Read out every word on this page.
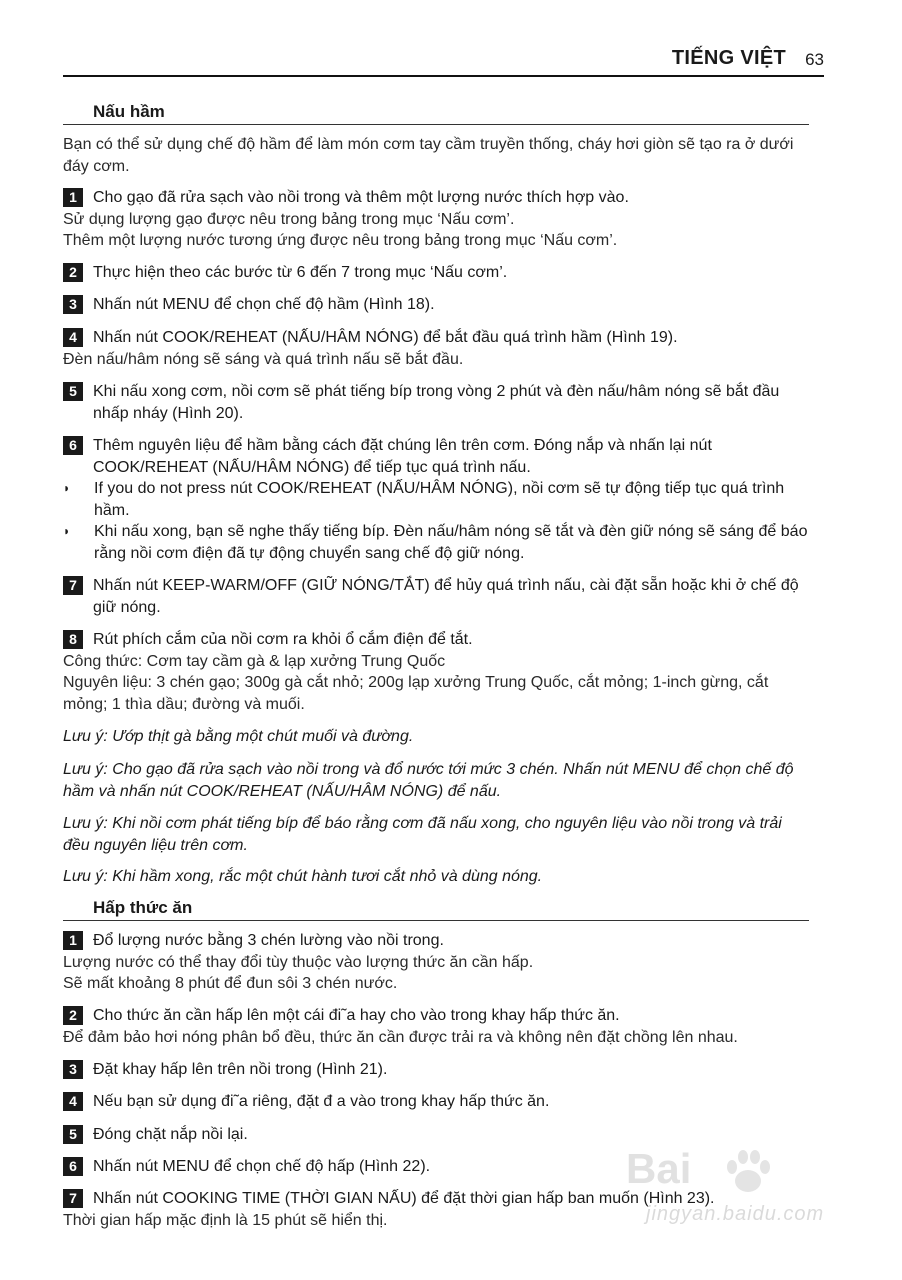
TIẾNG VIỆT 63
Nấu hầm

Bạn có thể sử dụng chế độ hầm để làm món cơm tay cầm truyền thống, cháy hơi giòn sẽ tạo ra ở dưới đáy cơm.

1	Cho gạo đã rửa sạch vào nồi trong và thêm một lượng nước thích hợp vào.

Sử dụng lượng gạo được nêu trong bảng trong mục ‘Nấu cơm’.

Thêm một lượng nước tương ứng được nêu trong bảng trong mục ‘Nấu cơm’.

2	Thực hiện theo các bước từ 6 đến 7 trong mục ‘Nấu cơm’.
3	Nhấn nút MENU để chọn chế độ hầm (Hình 18).
4	Nhấn nút COOK/REHEAT (NẤU/HÂM NÓNG) để bắt đầu quá trình hầm (Hình 19).

Đèn nấu/hâm nóng sẽ sáng và quá trình nấu sẽ bắt đầu.

5	Khi nấu xong cơm, nồi cơm sẽ phát tiếng bíp trong vòng 2 phút và đèn nấu/hâm nóng sẽ bắt đầu nhấp nháy (Hình 20).
6	Thêm nguyên liệu để hầm bằng cách đặt chúng lên trên cơm. Đóng nắp và nhấn lại nút COOK/REHEAT (NẤU/HÂM NÓNG) để tiếp tục quá trình nấu.
◗	If you do not press nút COOK/REHEAT (NẤU/HÂM NÓNG), nồi cơm sẽ tự động tiếp tục quá trình hầm.
◗	Khi nấu xong, bạn sẽ nghe thấy tiếng bíp. Đèn nấu/hâm nóng sẽ tắt và đèn giữ nóng sẽ sáng để báo rằng nồi cơm điện đã tự động chuyển sang chế độ giữ nóng.
7	Nhấn nút KEEP-WARM/OFF (GIỮ NÓNG/TẮT) để hủy quá trình nấu, cài đặt sẵn hoặc khi ở chế độ giữ nóng.
8	Rút phích cắm của nồi cơm ra khỏi ổ cắm điện để tắt.

Công thức: Cơm tay cầm gà & lạp xưởng Trung Quốc

Nguyên liệu: 3 chén gạo; 300g gà cắt nhỏ; 200g lạp xưởng Trung Quốc, cắt mỏng; 1-inch gừng, cắt mỏng; 1 thìa dầu; đường và muối.

Lưu ý: Ướp thịt gà bằng một chút muối và đường.

Lưu ý: Cho gạo đã rửa sạch vào nồi trong và đổ nước tới mức 3 chén. Nhấn nút MENU để chọn chế độ hầm và nhấn nút COOK/REHEAT (NẤU/HÂM NÓNG) để nấu.

Lưu ý: Khi nồi cơm phát tiếng bíp để báo rằng cơm đã nấu xong, cho nguyên liệu vào nồi trong và trải đều nguyên liệu trên cơm.

Lưu ý: Khi hầm xong, rắc một chút hành tươi cắt nhỏ và dùng nóng.

Hấp thức ăn
1	Đổ lượng nước bằng 3 chén lường vào nồi trong.

Lượng nước có thể thay đổi tùy thuộc vào lượng thức ăn cần hấp.

Sẽ mất khoảng 8 phút để đun sôi 3 chén nước.

2	Cho thức ăn cần hấp lên một cái đi˜a hay cho vào trong khay hấp thức ăn.

Để đảm bảo hơi nóng phân bổ đều, thức ăn cần được trải ra và không nên đặt chồng lên nhau.

3	Đặt khay hấp lên trên nồi trong (Hình 21).
4	Nếu bạn sử dụng đi˜a riêng, đặt đ a vào trong khay hấp thức ăn.
5	Đóng chặt nắp nồi lại.
6	Nhấn nút MENU để chọn chế độ hấp (Hình 22).
7	Nhấn nút COOKING TIME (THỜI GIAN NẤU) để đặt thời gian hấp ban muốn (Hình 23).

Thời gian hấp mặc định là 15 phút sẽ hiển thị.

Bai
jingyan.baidu.com
